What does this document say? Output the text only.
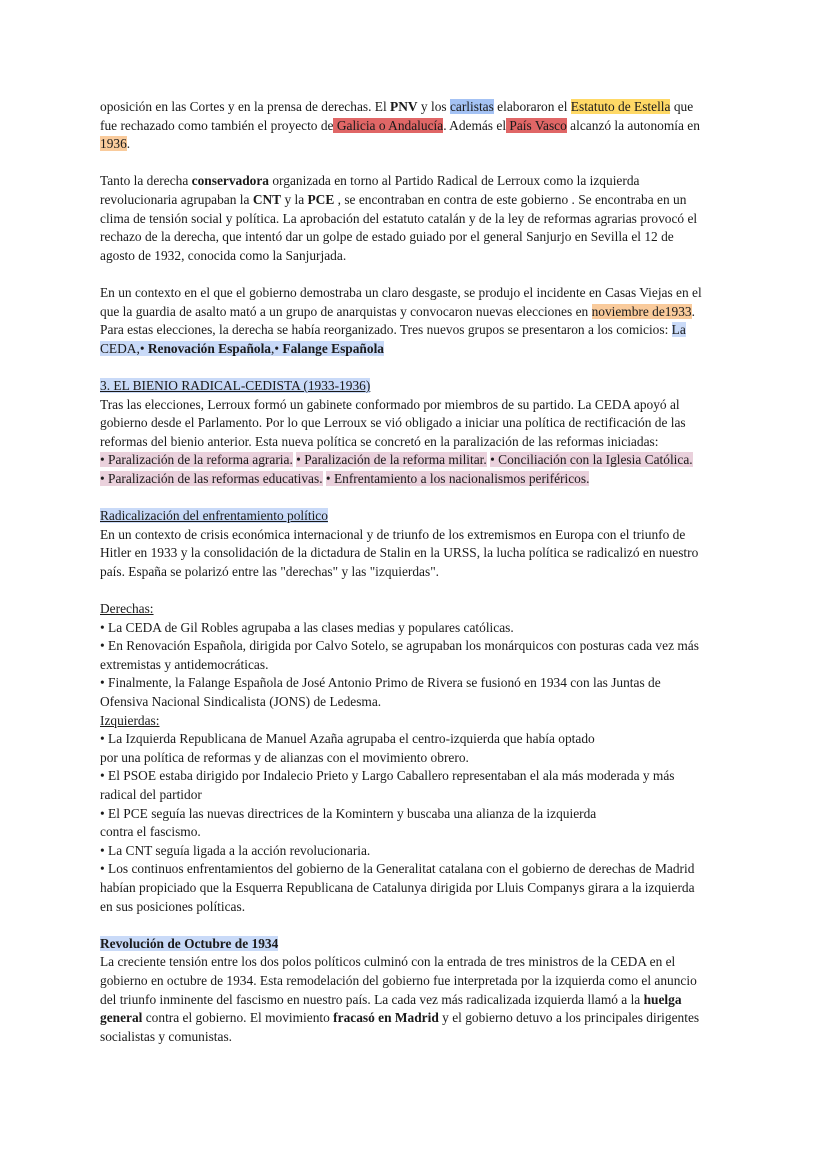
oposición en las Cortes y en la prensa de derechas. El PNV y los carlistas elaboraron el Estatuto de Estella que
fue rechazado como también el proyecto de Galicia o Andalucía. Además el País Vasco alcanzó la autonomía en
1936.
Tanto la derecha conservadora organizada en torno al Partido Radical de Lerroux como la izquierda
revolucionaria agrupaban la CNT y la PCE , se encontraban en contra de este gobierno . Se encontraba en un
clima de tensión social y política. La aprobación del estatuto catalán y de la ley de reformas agrarias provocó el
rechazo de la derecha, que intentó dar un golpe de estado guiado por el general Sanjurjo en Sevilla el 12 de
agosto de 1932, conocida como la Sanjurjada.
En un contexto en el que el gobierno demostraba un claro desgaste, se produjo el incidente en Casas Viejas en el
que la guardia de asalto mató a un grupo de anarquistas y convocaron nuevas elecciones en noviembre de1933.
Para estas elecciones, la derecha se había reorganizado. Tres nuevos grupos se presentaron a los comicios: La
CEDA,• Renovación Española,• Falange Española
3. EL BIENIO RADICAL-CEDISTA (1933-1936)
Tras las elecciones, Lerroux formó un gabinete conformado por miembros de su partido. La CEDA apoyó al
gobierno desde el Parlamento. Por lo que Lerroux se vió obligado a iniciar una política de rectificación de las
reformas del bienio anterior. Esta nueva política se concretó en la paralización de las reformas iniciadas:
• Paralización de la reforma agraria. • Paralización de la reforma militar. • Conciliación con la Iglesia Católica.
• Paralización de las reformas educativas. • Enfrentamiento a los nacionalismos periféricos.
Radicalización del enfrentamiento político
En un contexto de crisis económica internacional y de triunfo de los extremismos en Europa con el triunfo de
Hitler en 1933 y la consolidación de la dictadura de Stalin en la URSS, la lucha política se radicalizó en nuestro
país. España se polarizó entre las "derechas" y las "izquierdas".
Derechas:
• La CEDA de Gil Robles agrupaba a las clases medias y populares católicas.
• En Renovación Española, dirigida por Calvo Sotelo, se agrupaban los monárquicos con posturas cada vez más
extremistas y antidemocráticas.
• Finalmente, la Falange Española de José Antonio Primo de Rivera se fusionó en 1934 con las Juntas de
Ofensiva Nacional Sindicalista (JONS) de Ledesma.
Izquierdas:
• La Izquierda Republicana de Manuel Azaña agrupaba el centro-izquierda que había optado
por una política de reformas y de alianzas con el movimiento obrero.
• El PSOE estaba dirigido por Indalecio Prieto y Largo Caballero representaban el ala más moderada y más
radical del partidor
• El PCE seguía las nuevas directrices de la Komintern y buscaba una alianza de la izquierda
contra el fascismo.
• La CNT seguía ligada a la acción revolucionaria.
• Los continuos enfrentamientos del gobierno de la Generalitat catalana con el gobierno de derechas de Madrid
habían propiciado que la Esquerra Republicana de Catalunya dirigida por Lluis Companys girara a la izquierda
en sus posiciones políticas.
Revolución de Octubre de 1934
La creciente tensión entre los dos polos políticos culminó con la entrada de tres ministros de la CEDA en el
gobierno en octubre de 1934. Esta remodelación del gobierno fue interpretada por la izquierda como el anuncio
del triunfo inminente del fascismo en nuestro país. La cada vez más radicalizada izquierda llamó a la huelga
general contra el gobierno. El movimiento fracasó en Madrid y el gobierno detuvo a los principales dirigentes
socialistas y comunistas.
